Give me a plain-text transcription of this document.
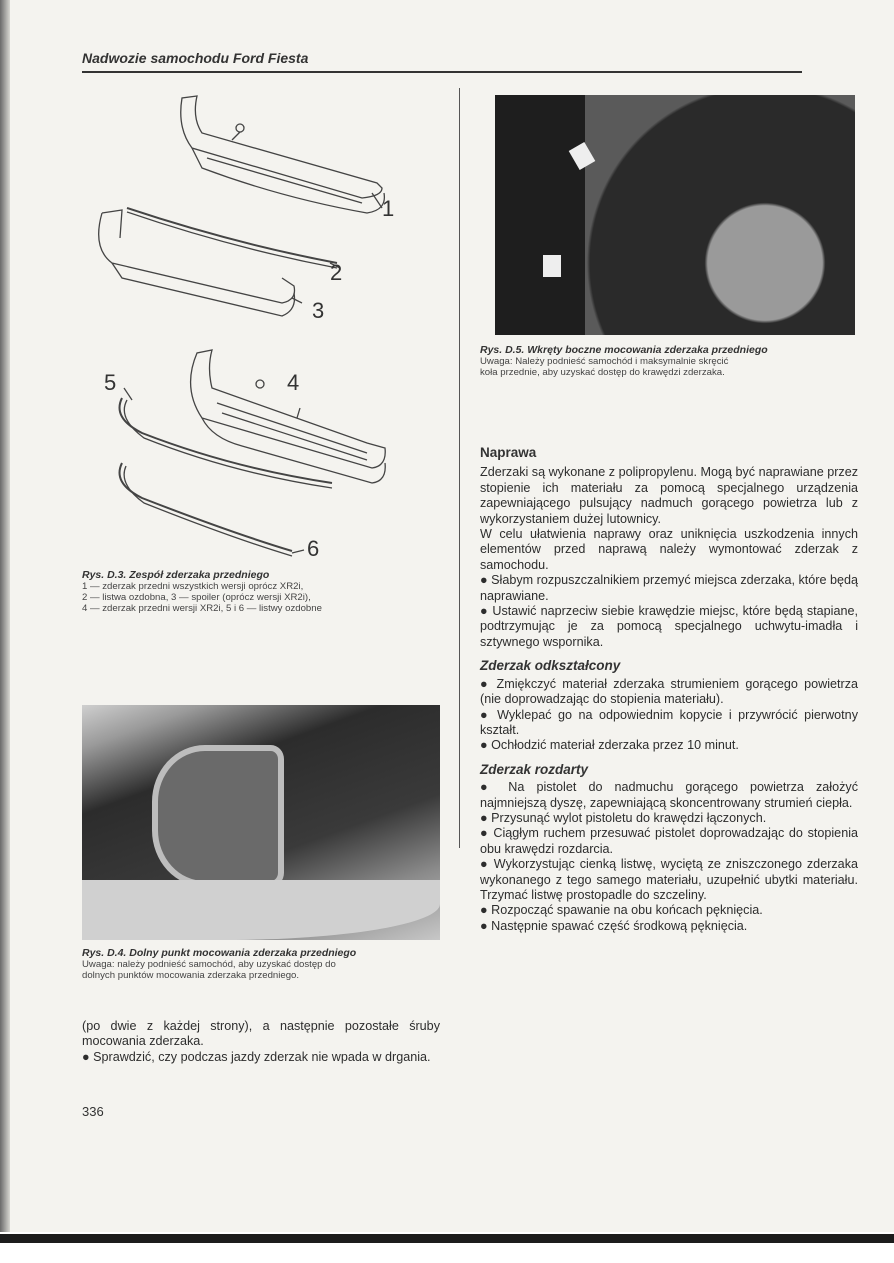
Nadwozie samochodu Ford Fiesta
1
2
3
5	4
6
Rys. D.3. Zespół zderzaka przedniego
1 — zderzak przedni wszystkich wersji oprócz XR2i,
2 — listwa ozdobna, 3 — spoiler (oprócz wersji XR2i),
4 — zderzak przedni wersji XR2i, 5 i 6 — listwy ozdobne
Rys. D.4. Dolny punkt mocowania zderzaka przedniego
Uwaga: należy podnieść samochód, aby uzyskać dostęp do
dolnych punktów mocowania zderzaka przedniego.

(po dwie z każdej strony), a następnie pozostałe śruby mocowania zderzaka.

● Sprawdzić, czy podczas jazdy zderzak nie wpada w drgania.

336
Rys. D.5. Wkręty boczne mocowania zderzaka przedniego
Uwaga: Należy podnieść samochód i maksymalnie skręcić
koła przednie, aby uzyskać dostęp do krawędzi zderzaka.
Naprawa

Zderzaki są wykonane z polipropylenu. Mogą być naprawiane przez stopienie ich materiału za pomocą specjalnego urządzenia zapewniającego pulsujący nadmuch gorącego powietrza lub z wykorzystaniem dużej lutownicy.

W celu ułatwienia naprawy oraz uniknięcia uszkodzenia innych elementów przed naprawą należy wymontować zderzak z samochodu.

● Słabym rozpuszczalnikiem przemyć miejsca zderzaka, które będą naprawiane.

● Ustawić naprzeciw siebie krawędzie miejsc, które będą stapiane, podtrzymując je za pomocą specjalnego uchwytu-imadła i sztywnego wspornika.

Zderzak odkształcony

● Zmiękczyć materiał zderzaka strumieniem gorącego powietrza (nie doprowadzając do stopienia materiału).

● Wyklepać go na odpowiednim kopycie i przywrócić pierwotny kształt.

● Ochłodzić materiał zderzaka przez 10 minut.

Zderzak rozdarty

● Na pistolet do nadmuchu gorącego powietrza założyć najmniejszą dyszę, zapewniającą skoncentrowany strumień ciepła.

● Przysunąć wylot pistoletu do krawędzi łączonych.

● Ciągłym ruchem przesuwać pistolet doprowadzając do stopienia obu krawędzi rozdarcia.

● Wykorzystując cienką listwę, wyciętą ze zniszczonego zderzaka wykonanego z tego samego materiału, uzupełnić ubytki materiału. Trzymać listwę prostopadle do szczeliny.

● Rozpocząć spawanie na obu końcach pęknięcia.

● Następnie spawać część środkową pęknięcia.
